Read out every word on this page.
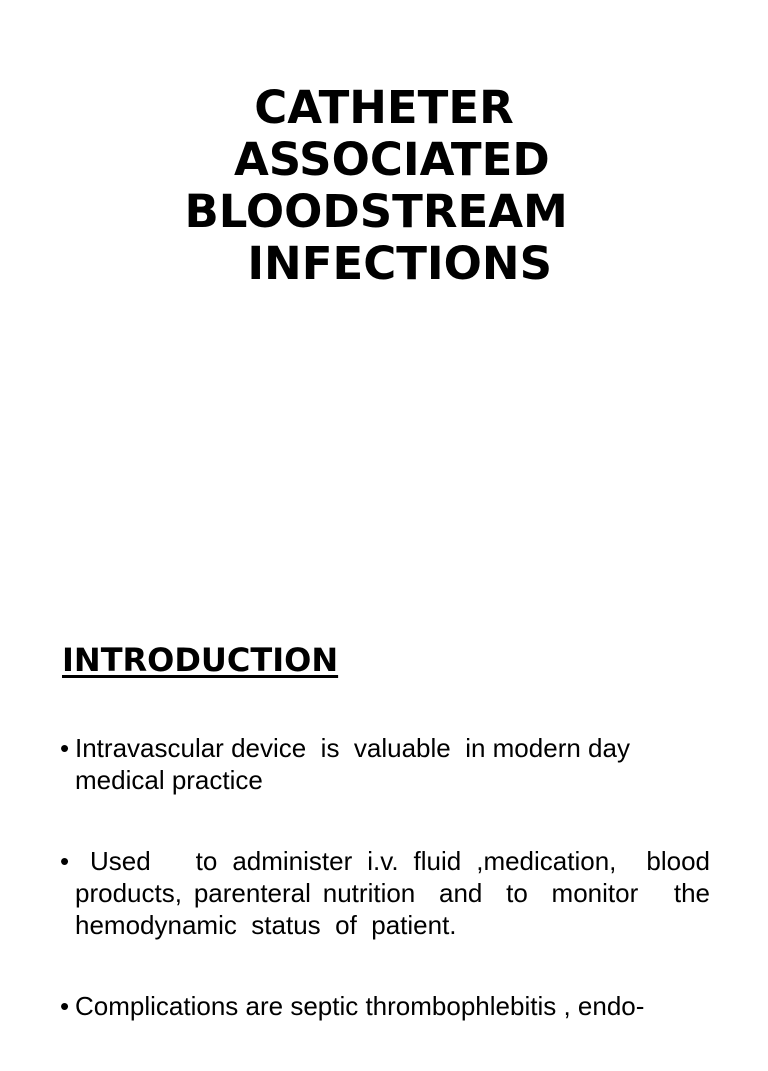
CATHETER
ASSOCIATED
BLOODSTREAM
INFECTIONS
INTRODUCTION
• Intravascular device  is  valuable  in modern day medical practice
• Used   to administer i.v. fluid ,medication,  blood products, parenteral nutrition  and  to  monitor   the hemodynamic  status  of  patient.
• Complications are septic thrombophlebitis , endo-
